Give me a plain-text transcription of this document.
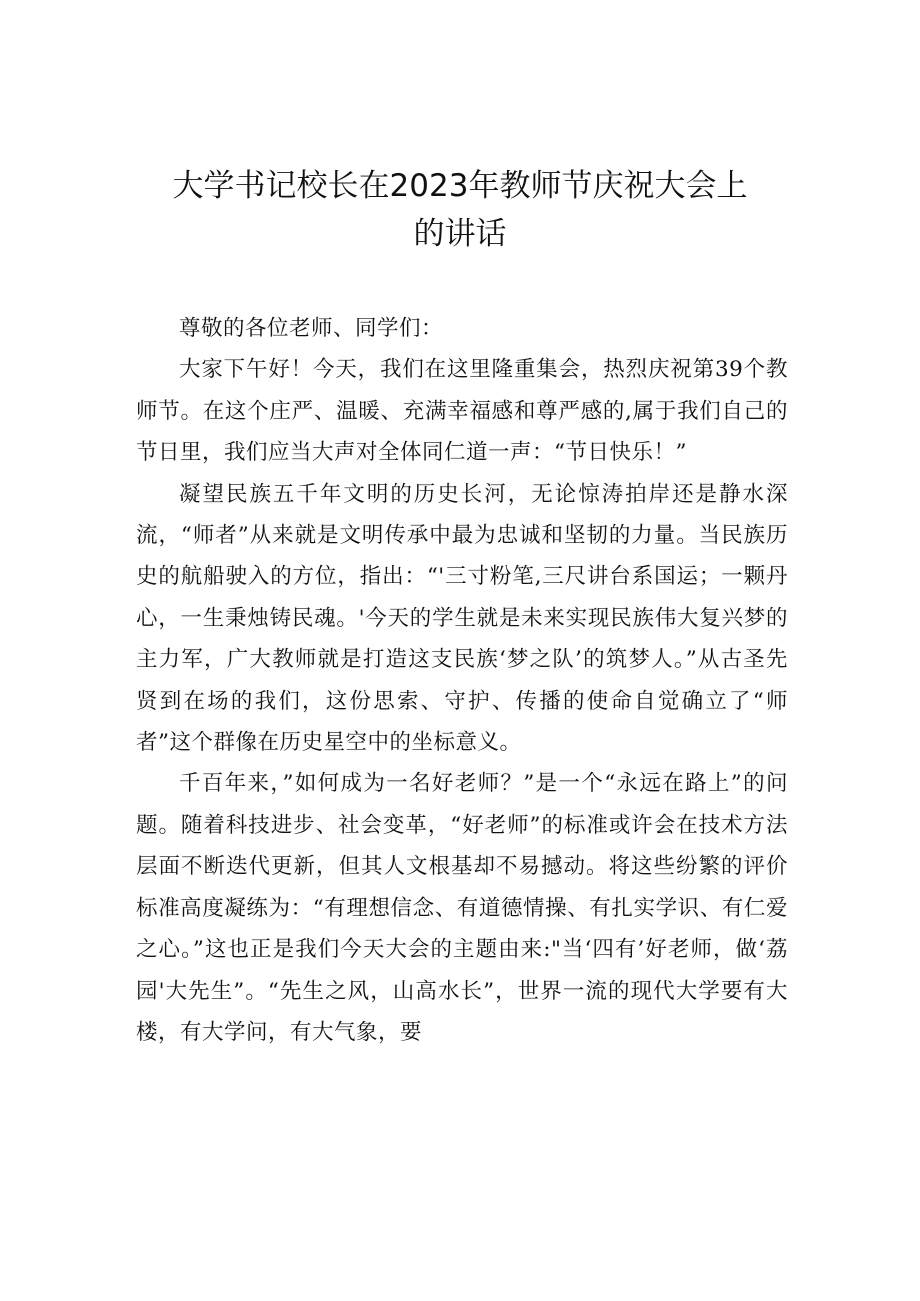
大学书记校长在2023年教师节庆祝大会上
的讲话

尊敬的各位老师、同学们：

大家下午好！今天，我们在这里隆重集会，热烈庆祝第39个教师节。在这个庄严、温暖、充满幸福感和尊严感的,属于我们自己的节日里，我们应当大声对全体同仁道一声：“节日快乐！”

凝望民族五千年文明的历史长河，无论惊涛拍岸还是静水深流，“师者”从来就是文明传承中最为忠诚和坚韧的力量。当民族历史的航船驶入的方位，指出：“'三寸粉笔,三尺讲台系国运；一颗丹心，一生秉烛铸民魂。'今天的学生就是未来实现民族伟大复兴梦的主力军，广大教师就是打造这支民族‘梦之队’的筑梦人。”从古圣先贤到在场的我们，这份思索、守护、传播的使命自觉确立了“师者”这个群像在历史星空中的坐标意义。

千百年来，”如何成为一名好老师？”是一个“永远在路上”的问题。随着科技进步、社会变革，“好老师”的标准或许会在技术方法层面不断迭代更新，但其人文根基却不易撼动。将这些纷繁的评价标准高度凝练为：“有理想信念、有道德情操、有扎实学识、有仁爱之心。”这也正是我们今天大会的主题由来:"当‘四有’好老师，做‘荔园'大先生”。“先生之风，山高水长”，世界一流的现代大学要有大楼，有大学问，有大气象，要
